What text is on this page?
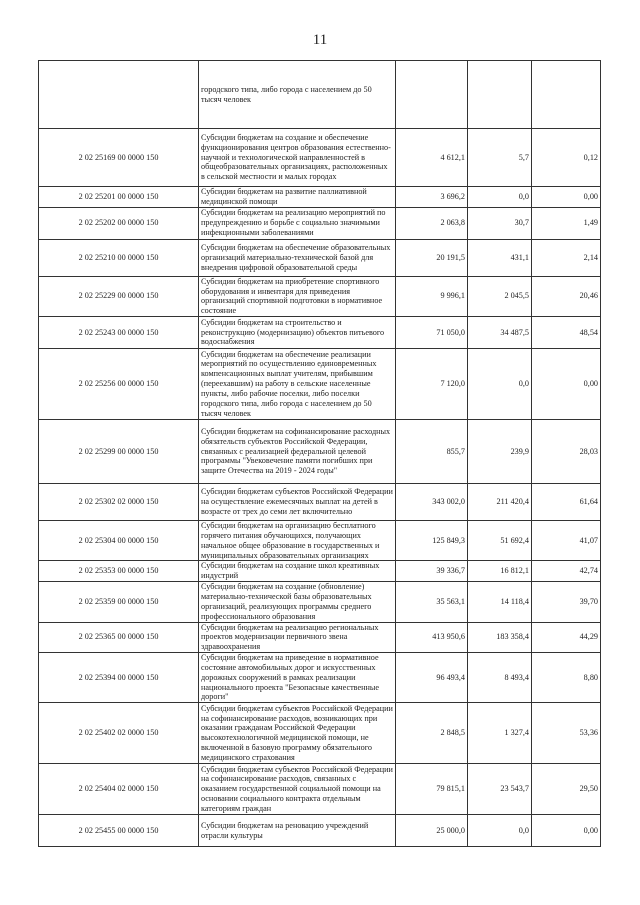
11
	городского типа, либо города с населением до 50 тысяч человек			
2 02 25169 00 0000 150	Субсидии бюджетам на создание и обеспечение функционирования центров образования естественно-научной и технологической направленностей в общеобразовательных организациях, расположенных в сельской местности и малых городах	4 612,1	5,7	0,12
2 02 25201 00 0000 150	Субсидии бюджетам на развитие паллиативной медицинской помощи	3 696,2	0,0	0,00
2 02 25202 00 0000 150	Субсидии бюджетам на реализацию мероприятий по предупреждению и борьбе с социально значимыми инфекционными заболеваниями	2 063,8	30,7	1,49
2 02 25210 00 0000 150	Субсидии бюджетам на обеспечение образовательных организаций материально-технической базой для внедрения цифровой образовательной среды	20 191,5	431,1	2,14
2 02 25229 00 0000 150	Субсидии бюджетам на приобретение спортивного оборудования и инвентаря для приведения организаций спортивной подготовки в нормативное состояние	9 996,1	2 045,5	20,46
2 02 25243 00 0000 150	Субсидии бюджетам на строительство и реконструкцию (модернизацию) объектов питьевого водоснабжения	71 050,0	34 487,5	48,54
2 02 25256 00 0000 150	Субсидии бюджетам на обеспечение реализации мероприятий по осуществлению единовременных компенсационных выплат учителям, прибывшим (переехавшим) на работу в сельские населенные пункты, либо рабочие поселки, либо поселки городского типа, либо города с населением до 50 тысяч человек	7 120,0	0,0	0,00
2 02 25299 00 0000 150	Субсидии бюджетам на софинансирование расходных обязательств субъектов Российской Федерации, связанных с реализацией федеральной целевой программы "Увековечение памяти погибших при защите Отечества на 2019 - 2024 годы"	855,7	239,9	28,03
2 02 25302 02 0000 150	Субсидии бюджетам субъектов Российской Федерации на осуществление ежемесячных выплат на детей в возрасте от трех до семи лет включительно	343 002,0	211 420,4	61,64
2 02 25304 00 0000 150	Субсидии бюджетам на организацию бесплатного горячего питания обучающихся, получающих начальное общее образование в государственных и муниципальных образовательных организациях	125 849,3	51 692,4	41,07
2 02 25353 00 0000 150	Субсидии бюджетам на создание школ креативных индустрий	39 336,7	16 812,1	42,74
2 02 25359 00 0000 150	Субсидии бюджетам на создание (обновление) материально-технической базы образовательных организаций, реализующих программы среднего профессионального образования	35 563,1	14 118,4	39,70
2 02 25365 00 0000 150	Субсидии бюджетам на реализацию региональных проектов модернизации первичного звена здравоохранения	413 950,6	183 358,4	44,29
2 02 25394 00 0000 150	Субсидии бюджетам на приведение в нормативное состояние автомобильных дорог и искусственных дорожных сооружений в рамках реализации национального проекта "Безопасные качественные дороги"	96 493,4	8 493,4	8,80
2 02 25402 02 0000 150	Субсидии бюджетам субъектов Российской Федерации на софинансирование расходов, возникающих при оказании гражданам Российской Федерации высокотехнологичной медицинской помощи, не включенной в базовую программу обязательного медицинского страхования	2 848,5	1 327,4	53,36
2 02 25404 02 0000 150	Субсидии бюджетам субъектов Российской Федерации на софинансирование расходов, связанных с оказанием государственной социальной помощи на основании социального контракта отдельным категориям граждан	79 815,1	23 543,7	29,50
2 02 25455 00 0000 150	Субсидии бюджетам на реновацию учреждений отрасли культуры	25 000,0	0,0	0,00
